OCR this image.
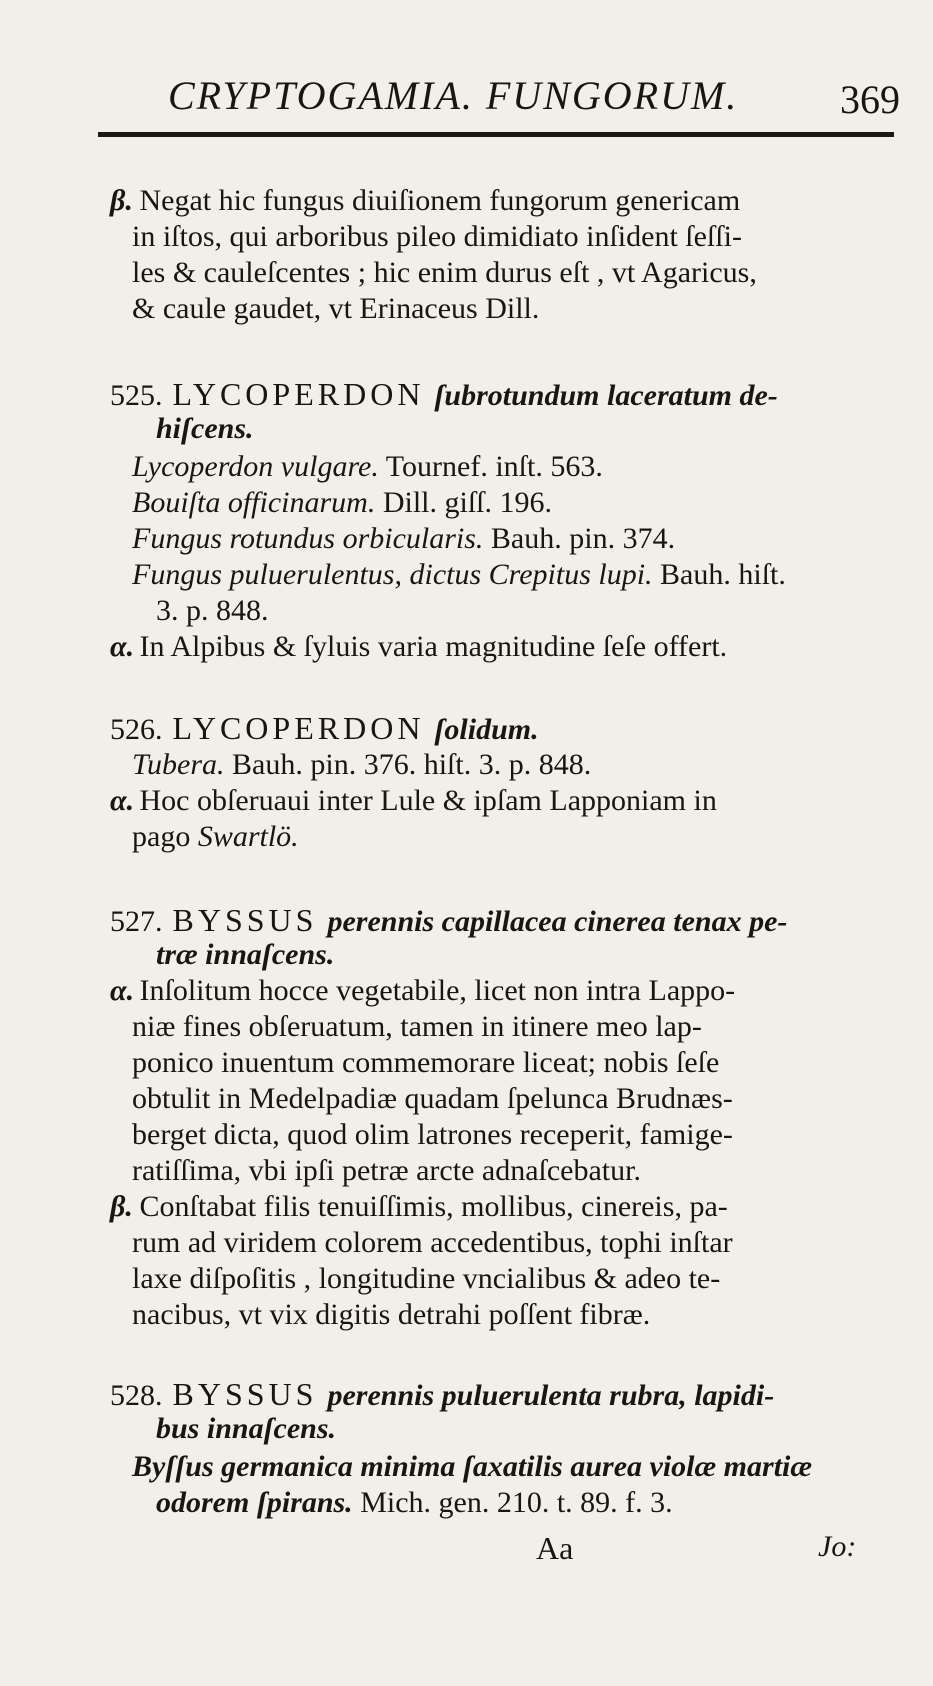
CRYPTOGAMIA. FUNGORUM.	369
β. Negat hic fungus diuiſionem fungorum genericam
in iſtos, qui arboribus pileo dimidiato inſident ſeſſi-
les & cauleſcentes ; hic enim durus eſt , vt Agaricus,
& caule gaudet, vt Erinaceus Dill.
525. LYCOPERDON ſubrotundum laceratum de-
hiſcens.
Lycoperdon vulgare. Tournef. inſt. 563.
Bouiſta officinarum. Dill. giſſ. 196.
Fungus rotundus orbicularis. Bauh. pin. 374.
Fungus puluerulentus, dictus Crepitus lupi. Bauh. hiſt.
3. p. 848.
α. In Alpibus & ſyluis varia magnitudine ſeſe offert.
526. LYCOPERDON ſolidum.
Tubera. Bauh. pin. 376. hiſt. 3. p. 848.
α. Hoc obſeruaui inter Lule & ipſam Lapponiam in
pago Swartlö.
527. BYSSUS perennis capillacea cinerea tenax pe-
træ innaſcens.
α. Inſolitum hocce vegetabile, licet non intra Lappo-
niæ fines obſeruatum, tamen in itinere meo lap-
ponico inuentum commemorare liceat; nobis ſeſe
obtulit in Medelpadiæ quadam ſpelunca Brudnæs-
berget dicta, quod olim latrones receperit, famige-
ratiſſima, vbi ipſi petræ arcte adnaſcebatur.
β. Conſtabat filis tenuiſſimis, mollibus, cinereis, pa-
rum ad viridem colorem accedentibus, tophi inſtar
laxe diſpoſitis , longitudine vncialibus & adeo te-
nacibus, vt vix digitis detrahi poſſent fibræ.
528. BYSSUS perennis puluerulenta rubra, lapidi-
bus innaſcens.
Byſſus germanica minima ſaxatilis aurea violæ martiæ
odorem ſpirans. Mich. gen. 210. t. 89. f. 3.
Aa	Jo:
